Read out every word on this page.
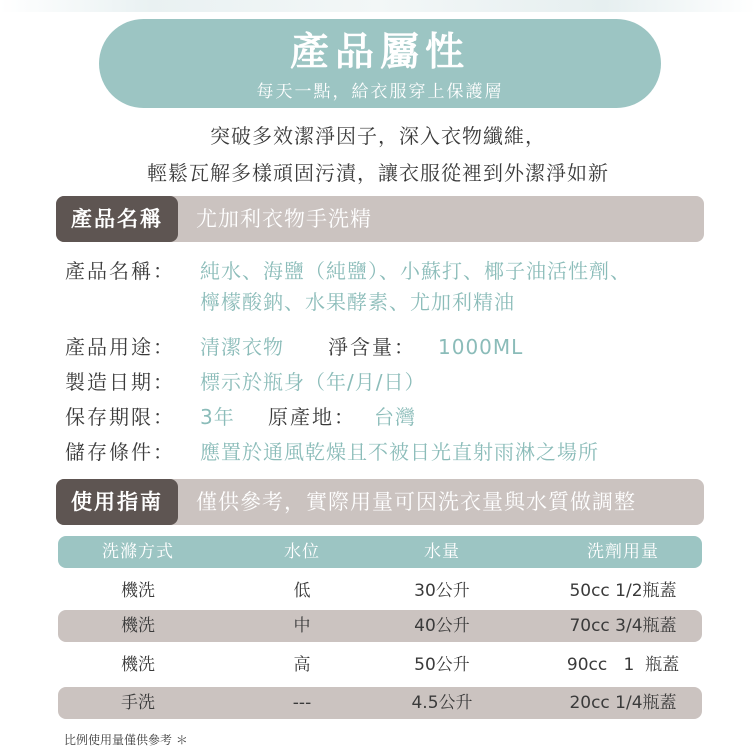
產品屬性
每天一點，給衣服穿上保護層
突破多效潔淨因子，深入衣物纖維，
輕鬆瓦解多樣頑固污漬，讓衣服從裡到外潔淨如新
產品名稱	尤加利衣物手洗精
產品名稱： 純水、海鹽（純鹽）、小蘇打、椰子油活性劑、
檸檬酸鈉、水果酵素、尤加利精油
產品用途： 清潔衣物 淨含量： 1000ML
製造日期： 標示於瓶身（年/月/日）
保存期限： 3年 原產地： 台灣
儲存條件： 應置於通風乾燥且不被日光直射雨淋之場所
使用指南	僅供參考，實際用量可因洗衣量與水質做調整
洗滌方式	水位	水量	洗劑用量
機洗	低	30公升	50cc 1/2瓶蓋
機洗	中	40公升	70cc 3/4瓶蓋
機洗	高	50公升	90cc   1  瓶蓋
手洗	---	4.5公升	20cc 1/4瓶蓋
比例使用量僅供參考 ＊
